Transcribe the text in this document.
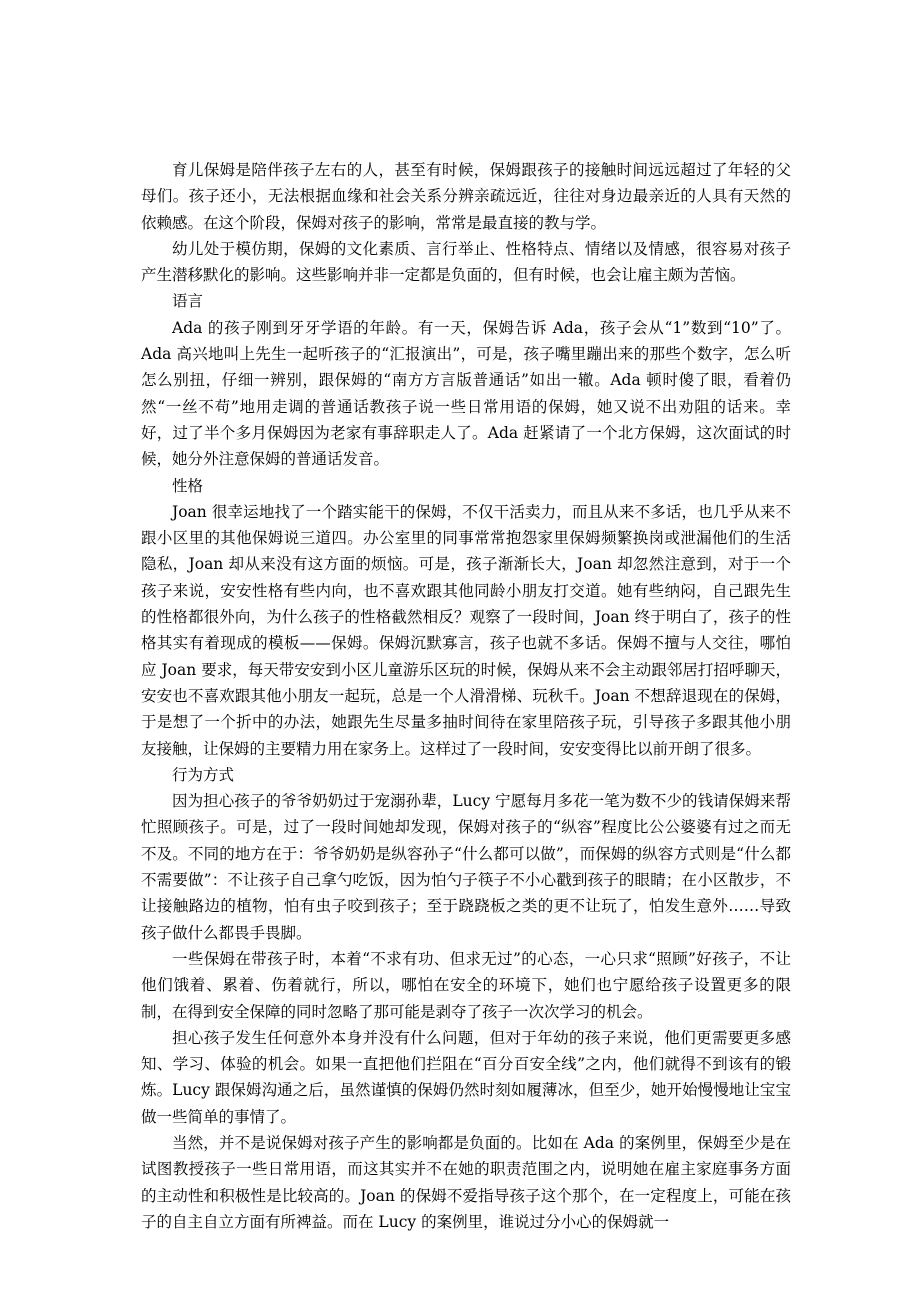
育儿保姆是陪伴孩子左右的人，甚至有时候，保姆跟孩子的接触时间远远超过了年轻的父母们。孩子还小，无法根据血缘和社会关系分辨亲疏远近，往往对身边最亲近的人具有天然的依赖感。在这个阶段，保姆对孩子的影响，常常是最直接的教与学。

幼儿处于模仿期，保姆的文化素质、言行举止、性格特点、情绪以及情感，很容易对孩子产生潜移默化的影响。这些影响并非一定都是负面的，但有时候，也会让雇主颇为苦恼。

语言

Ada 的孩子刚到牙牙学语的年龄。有一天，保姆告诉 Ada，孩子会从“1”数到“10”了。Ada 高兴地叫上先生一起听孩子的“汇报演出”，可是，孩子嘴里蹦出来的那些个数字，怎么听怎么别扭，仔细一辨别，跟保姆的“南方方言版普通话”如出一辙。Ada 顿时傻了眼，看着仍然“一丝不苟”地用走调的普通话教孩子说一些日常用语的保姆，她又说不出劝阻的话来。幸好，过了半个多月保姆因为老家有事辞职走人了。Ada 赶紧请了一个北方保姆，这次面试的时候，她分外注意保姆的普通话发音。

性格

Joan 很幸运地找了一个踏实能干的保姆，不仅干活卖力，而且从来不多话，也几乎从来不跟小区里的其他保姆说三道四。办公室里的同事常常抱怨家里保姆频繁换岗或泄漏他们的生活隐私，Joan 却从来没有这方面的烦恼。可是，孩子渐渐长大，Joan 却忽然注意到，对于一个孩子来说，安安性格有些内向，也不喜欢跟其他同龄小朋友打交道。她有些纳闷，自己跟先生的性格都很外向，为什么孩子的性格截然相反？观察了一段时间，Joan 终于明白了，孩子的性格其实有着现成的模板——保姆。保姆沉默寡言，孩子也就不多话。保姆不擅与人交往，哪怕应 Joan 要求，每天带安安到小区儿童游乐区玩的时候，保姆从来不会主动跟邻居打招呼聊天，安安也不喜欢跟其他小朋友一起玩，总是一个人滑滑梯、玩秋千。Joan 不想辞退现在的保姆，于是想了一个折中的办法，她跟先生尽量多抽时间待在家里陪孩子玩，引导孩子多跟其他小朋友接触，让保姆的主要精力用在家务上。这样过了一段时间，安安变得比以前开朗了很多。

行为方式

因为担心孩子的爷爷奶奶过于宠溺孙辈，Lucy 宁愿每月多花一笔为数不少的钱请保姆来帮忙照顾孩子。可是，过了一段时间她却发现，保姆对孩子的“纵容”程度比公公婆婆有过之而无不及。不同的地方在于：爷爷奶奶是纵容孙子“什么都可以做”，而保姆的纵容方式则是“什么都不需要做”：不让孩子自己拿勺吃饭，因为怕勺子筷子不小心戳到孩子的眼睛；在小区散步，不让接触路边的植物，怕有虫子咬到孩子；至于跷跷板之类的更不让玩了，怕发生意外……导致孩子做什么都畏手畏脚。

一些保姆在带孩子时，本着“不求有功、但求无过”的心态，一心只求“照顾”好孩子，不让他们饿着、累着、伤着就行，所以，哪怕在安全的环境下，她们也宁愿给孩子设置更多的限制，在得到安全保障的同时忽略了那可能是剥夺了孩子一次次学习的机会。

担心孩子发生任何意外本身并没有什么问题，但对于年幼的孩子来说，他们更需要更多感知、学习、体验的机会。如果一直把他们拦阻在“百分百安全线”之内，他们就得不到该有的锻炼。Lucy 跟保姆沟通之后，虽然谨慎的保姆仍然时刻如履薄冰，但至少，她开始慢慢地让宝宝做一些简单的事情了。

当然，并不是说保姆对孩子产生的影响都是负面的。比如在 Ada 的案例里，保姆至少是在试图教授孩子一些日常用语，而这其实并不在她的职责范围之内，说明她在雇主家庭事务方面的主动性和积极性是比较高的。Joan 的保姆不爱指导孩子这个那个，在一定程度上，可能在孩子的自主自立方面有所裨益。而在 Lucy 的案例里，谁说过分小心的保姆就一
